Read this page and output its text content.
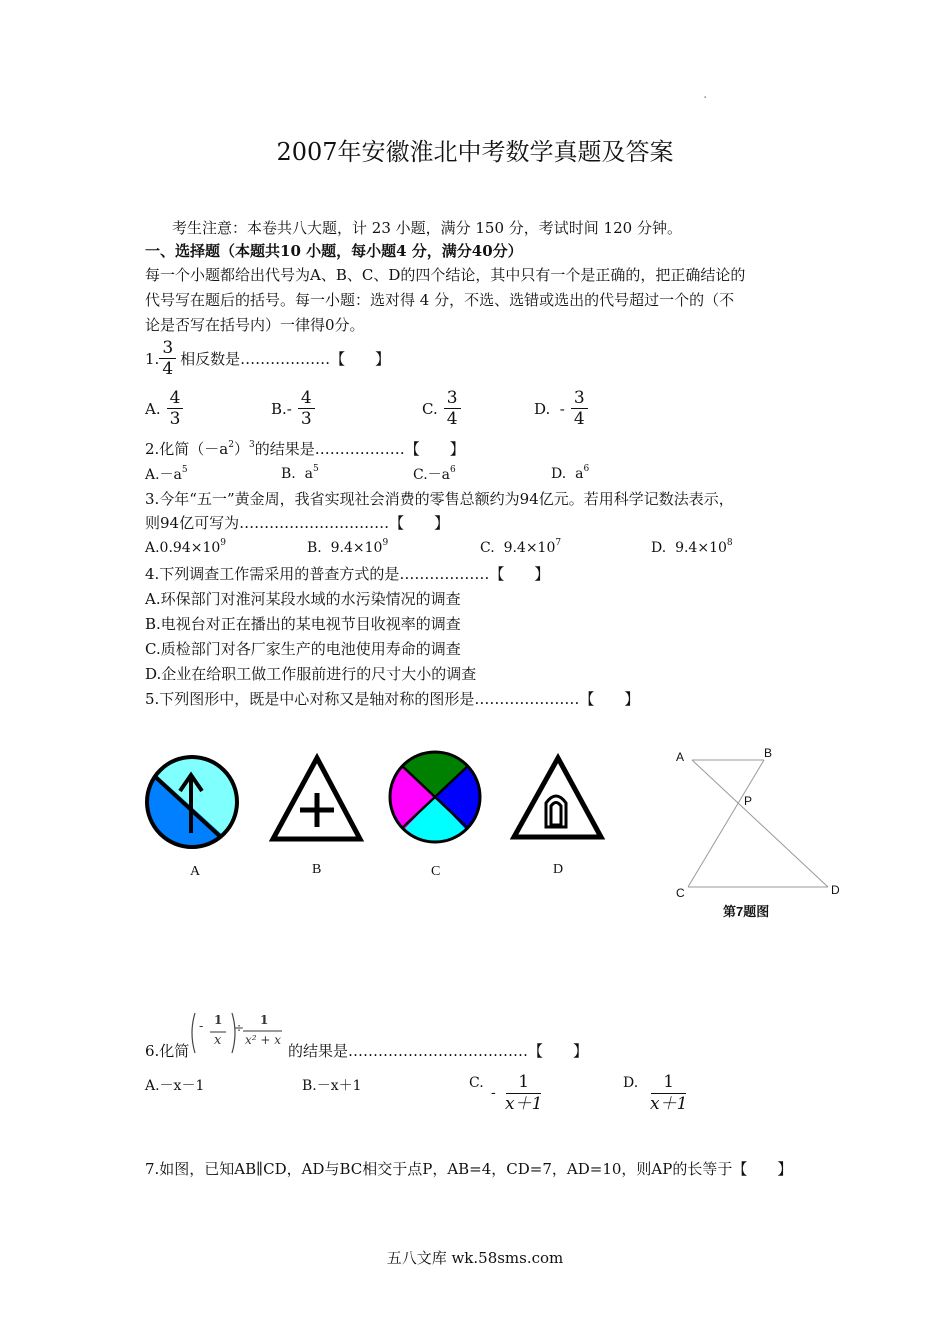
·
2007年安徽淮北中考数学真题及答案
考生注意：本卷共八大题，计 23 小题，满分 150 分，考试时间 120 分钟。
一、选择题（本题共10 小题，每小题4 分，满分40分）
每一个小题都给出代号为A、B、C、D的四个结论，其中只有一个是正确的，把正确结论的
代号写在题后的括号。每一小题：选对得 4 分，不选、选错或选出的代号超过一个的（不
论是否写在括号内）一律得0分。
1. $\frac{3}{4}$ 相反数是………………【　　】
A. $\frac{4}{3}$	$B.- \frac{4}{3}$	C. $\frac{3}{4}$	D.  - $\frac{3}{4}$
2.化简$(-a^2)^3$的结果是………………【　　】
$A.-a^5$	B.  $a^5$	$C.-a^6$	D.  $a^6$
3.今年“五一”黄金周，我省实现社会消费的零售总额约为94亿元。若用科学记数法表示，
则94亿可写为…………………………【　　】
$A.0.94\times 10^9$	B.  $9.4\times 10^9$	C.  $9.4\times 10^7$	D.  $9.4\times 10^8$
4.下列调查工作需采用的普查方式的是………………【　　】
A.环保部门对淮河某段水域的水污染情况的调查
B.电视台对正在播出的某电视节目收视率的调查
C.质检部门对各厂家生产的电池使用寿命的调查
D.企业在给职工做工作服前进行的尺寸大小的调查
5.下列图形中，既是中心对称又是轴对称的图形是…………………【　　】
A	B	C	D
A	B
P
C	D
第7题图
6.化简
- 1
x
÷
1
x² + x
的结果是………………………………【　　】
A.－x－1	B.－x＋1	C.
- $\frac{1}{x+1}$	D. $\frac{1}{x+1}$
7.如图，已知AB∥CD，AD与BC相交于点P，AB=4，CD=7，AD=10，则AP的长等于【　　】
五八文库 wk.58sms.com
